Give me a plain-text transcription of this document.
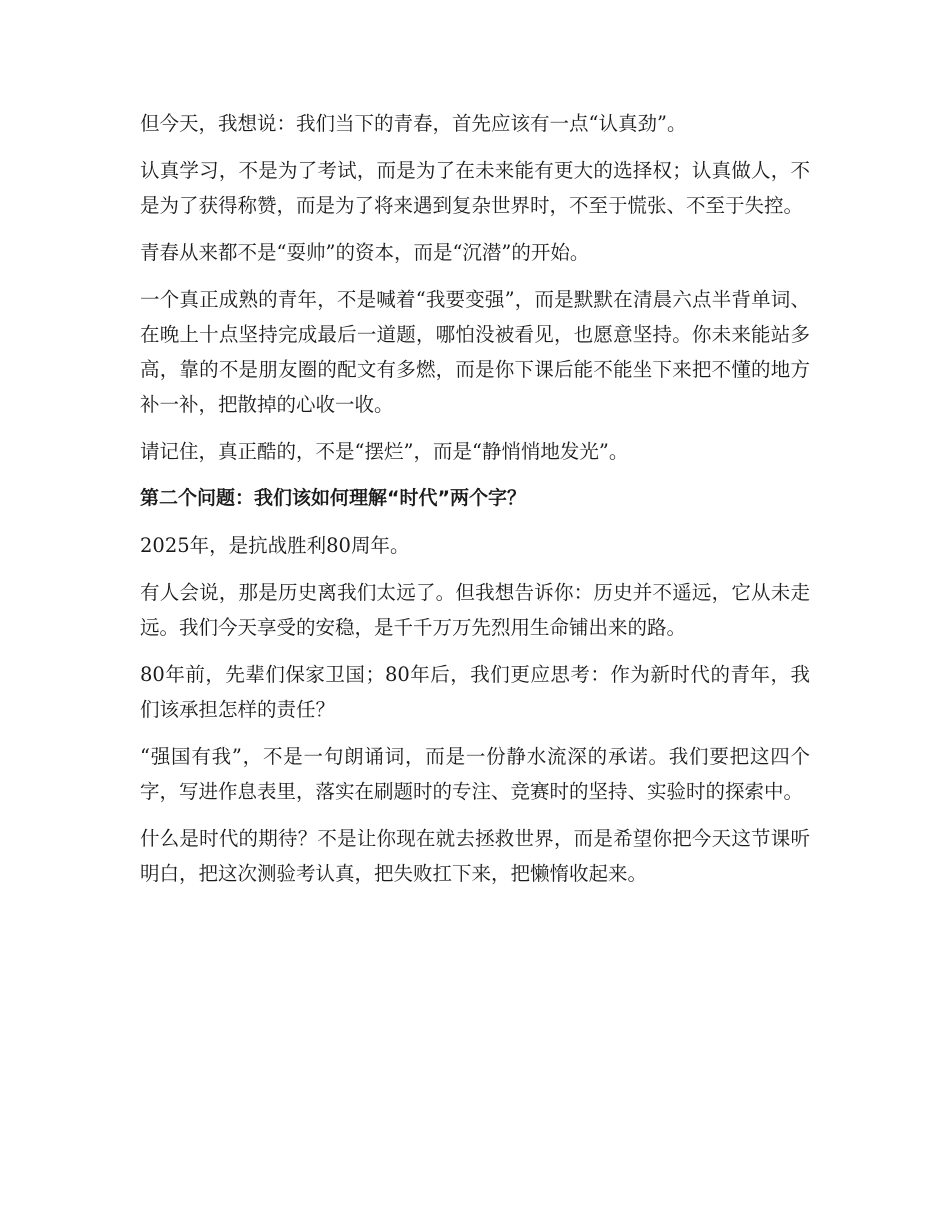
但今天，我想说：我们当下的青春，首先应该有一点“认真劲”。

认真学习，不是为了考试，而是为了在未来能有更大的选择权；认真做人，不是为了获得称赞，而是为了将来遇到复杂世界时，不至于慌张、不至于失控。

青春从来都不是“耍帅”的资本，而是“沉潜”的开始。

一个真正成熟的青年，不是喊着“我要变强”，而是默默在清晨六点半背单词、在晚上十点坚持完成最后一道题，哪怕没被看见，也愿意坚持。你未来能站多高，靠的不是朋友圈的配文有多燃，而是你下课后能不能坐下来把不懂的地方补一补，把散掉的心收一收。

请记住，真正酷的，不是“摆烂”，而是“静悄悄地发光”。

第二个问题：我们该如何理解“时代”两个字？

2025年，是抗战胜利80周年。

有人会说，那是历史离我们太远了。但我想告诉你：历史并不遥远，它从未走远。我们今天享受的安稳，是千千万万先烈用生命铺出来的路。

80年前，先辈们保家卫国；80年后，我们更应思考：作为新时代的青年，我们该承担怎样的责任？

“强国有我”，不是一句朗诵词，而是一份静水流深的承诺。我们要把这四个字，写进作息表里，落实在刷题时的专注、竞赛时的坚持、实验时的探索中。

什么是时代的期待？不是让你现在就去拯救世界，而是希望你把今天这节课听明白，把这次测验考认真，把失败扛下来，把懒惰收起来。
